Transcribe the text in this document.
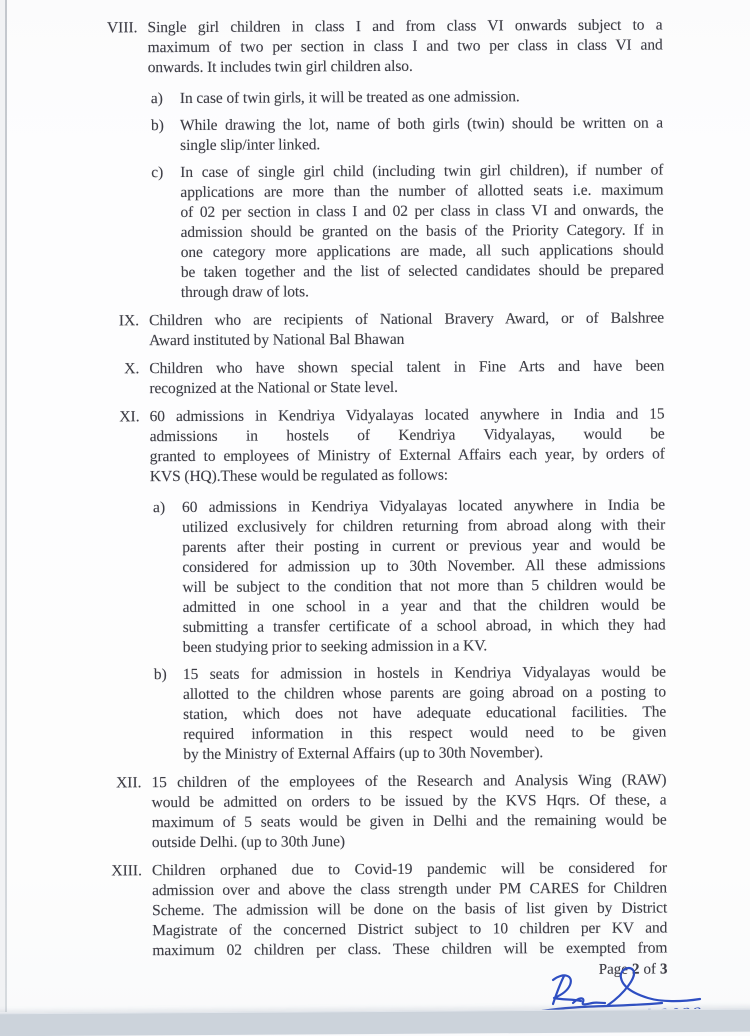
VIII. Single girl children in class I and from class VI onwards subject to a
maximum of two per section in class I and two per class in class VI and
onwards. It includes twin girl children also.
a)	In case of twin girls, it will be treated as one admission.
b)	While drawing the lot, name of both girls (twin) should be written on a
single slip/inter linked.
c)	In case of single girl child (including twin girl children), if number of
applications are more than the number of allotted seats i.e. maximum
of 02 per section in class I and 02 per class in class VI and onwards, the
admission should be granted on the basis of the Priority Category. If in
one category more applications are made, all such applications should
be taken together and the list of selected candidates should be prepared
through draw of lots.
IX. Children who are recipients of National Bravery Award, or of Balshree
Award instituted by National Bal Bhawan
X. Children who have shown special talent in Fine Arts and have been
recognized at the National or State level.
XI. 60 admissions in Kendriya Vidyalayas located anywhere in India and 15
admissions in hostels of Kendriya Vidyalayas, would be
granted to employees of Ministry of External Affairs each year, by orders of
KVS (HQ).These would be regulated as follows:
a)	60 admissions in Kendriya Vidyalayas located anywhere in India be
utilized exclusively for children returning from abroad along with their
parents after their posting in current or previous year and would be
considered for admission up to 30th November. All these admissions
will be subject to the condition that not more than 5 children would be
admitted in one school in a year and that the children would be
submitting a transfer certificate of a school abroad, in which they had
been studying prior to seeking admission in a KV.
b)	15 seats for admission in hostels in Kendriya Vidyalayas would be
allotted to the children whose parents are going abroad on a posting to
station, which does not have adequate educational facilities. The
required information in this respect would need to be given
by the Ministry of External Affairs (up to 30th November).
XII. 15 children of the employees of the Research and Analysis Wing (RAW)
would be admitted on orders to be issued by the KVS Hqrs. Of these, a
maximum of 5 seats would be given in Delhi and the remaining would be
outside Delhi. (up to 30th June)
XIII. Children orphaned due to Covid-19 pandemic will be considered for
admission over and above the class strength under PM CARES for Children
Scheme. The admission will be done on the basis of list given by District
Magistrate of the concerned District subject to 10 children per KV and
maximum 02 children per class. These children will be exempted from
Page 2 of 3
